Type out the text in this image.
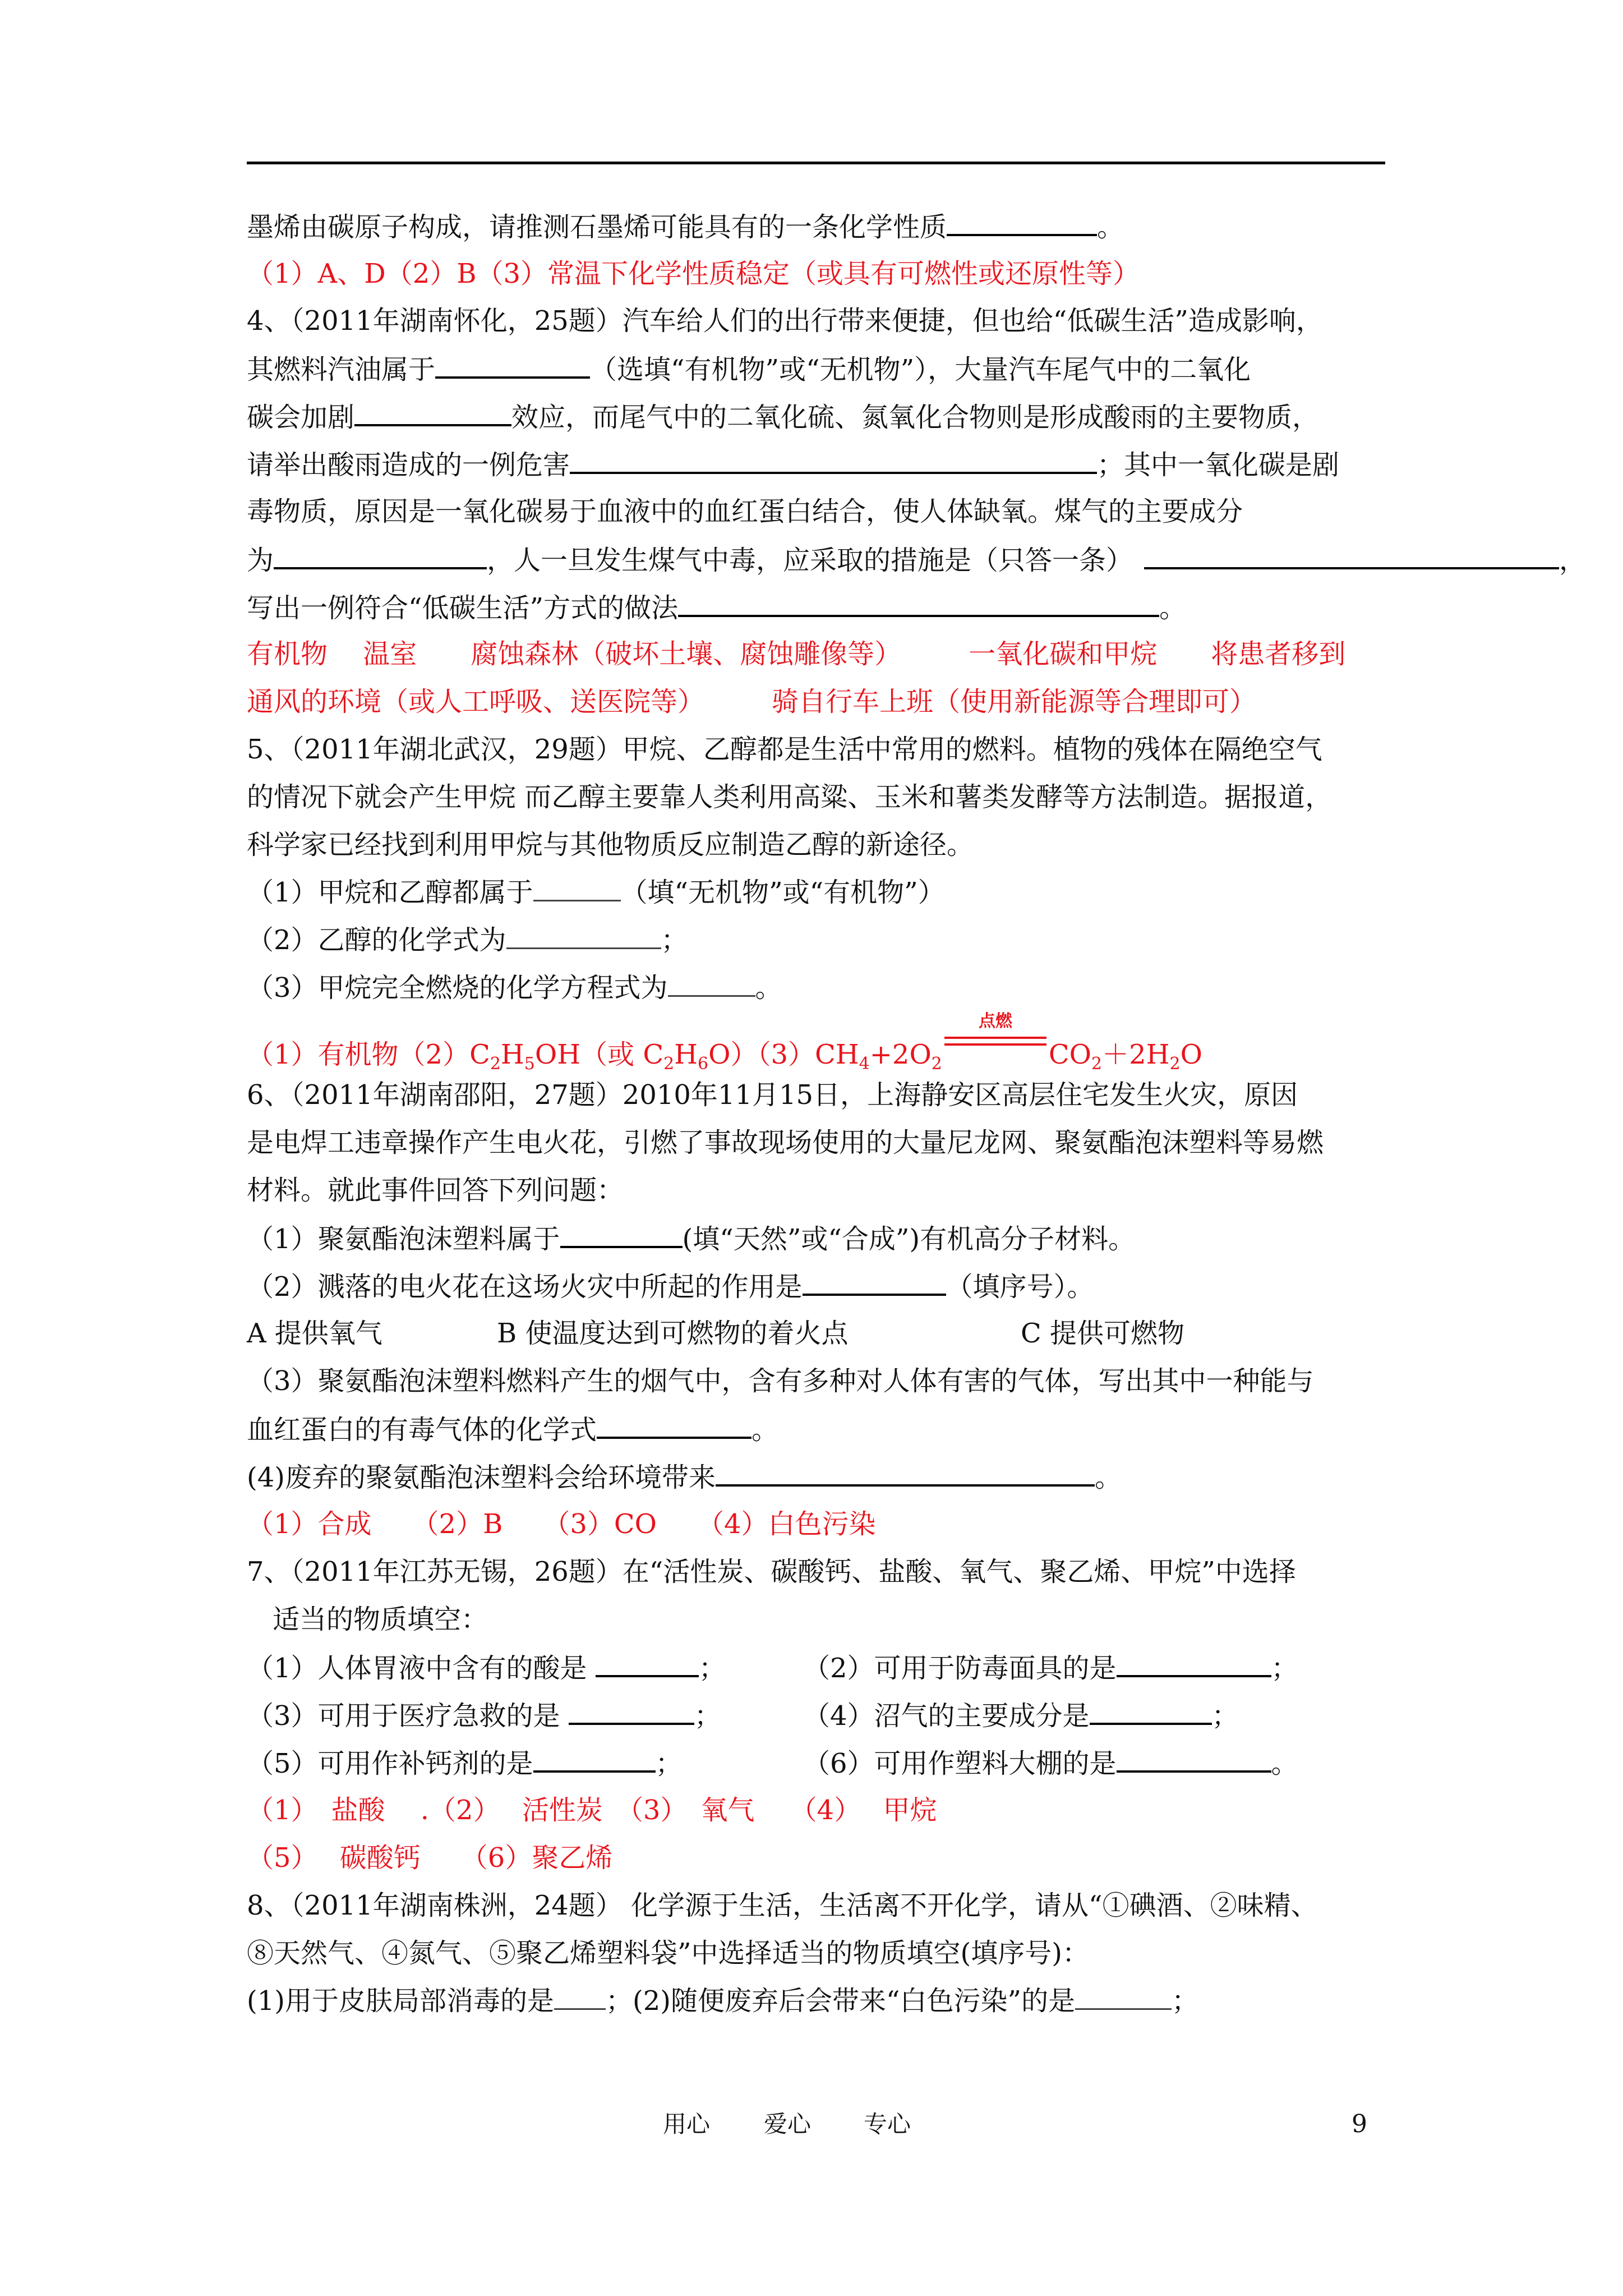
墨烯由碳原子构成，请推测石墨烯可能具有的一条化学性质	。
（1）A、D（2）B（3）常温下化学性质稳定（或具有可燃性或还原性等）
4、（2011年湖南怀化，25题）汽车给人们的出行带来便捷，但也给“低碳生活”造成影响，
其燃料汽油属于	（选填“有机物”或“无机物”），大量汽车尾气中的二氧化
碳会加剧	效应，而尾气中的二氧化硫、氮氧化合物则是形成酸雨的主要物质，
请举出酸雨造成的一例危害	；其中一氧化碳是剧
毒物质，原因是一氧化碳易于血液中的血红蛋白结合，使人体缺氧。煤气的主要成分
为	，人一旦发生煤气中毒，应采取的措施是（只答一条）	，
写出一例符合“低碳生活”方式的做法	。
有机物　 温室　　腐蚀森林（破坏土壤、腐蚀雕像等）　　　一氧化碳和甲烷　　将患者移到
通风的环境（或人工呼吸、送医院等）　　　骑自行车上班（使用新能源等合理即可）
5、（2011年湖北武汉，29题）甲烷、乙醇都是生活中常用的燃料。植物的残体在隔绝空气
的情况下就会产生甲烷 而乙醇主要靠人类利用高粱、玉米和薯类发酵等方法制造。据报道，
科学家已经找到利用甲烷与其他物质反应制造乙醇的新途径。
（1）甲烷和乙醇都属于	（填“无机物”或“有机物”）
（2）乙醇的化学式为	；
（3）甲烷完全燃烧的化学方程式为	。
（1）有机物$(2)C_2H_5OH$（或 $C_2H_6O)(3)CH_4+2O_2$
点燃
$CO_2+2H_2O$
6、（2011年湖南邵阳，27题）2010年11月15日，上海静安区高层住宅发生火灾，原因
是电焊工违章操作产生电火花，引燃了事故现场使用的大量尼龙网、聚氨酯泡沫塑料等易燃
材料。就此事件回答下列问题：
（1）聚氨酯泡沫塑料属于	(填“天然”或“合成”)有机高分子材料。
（2）溅落的电火花在这场火灾中所起的作用是	（填序号）。
A 提供氧气	B 使温度达到可燃物的着火点	C 提供可燃物
（3）聚氨酯泡沫塑料燃料产生的烟气中，含有多种对人体有害的气体，写出其中一种能与
血红蛋白的有毒气体的化学式	。
(4)废弃的聚氨酯泡沫塑料会给环境带来	。
（1）合成　　（2）B　　（3）CO　　（4）白色污染
7、（2011年江苏无锡，26题）在“活性炭、碳酸钙、盐酸、氧气、聚乙烯、甲烷”中选择
适当的物质填空：
（1）人体胃液中含有的酸是	；	（2）可用于防毒面具的是	；
（3）可用于医疗急救的是	；	（4）沼气的主要成分是	；
（5）可用作补钙剂的是	；	（6）可用作塑料大棚的是	。
（1）　盐酸　 .（2）　 活性炭　（3）　氧气　 （4）　 甲烷
（5）　 碳酸钙　　（6）聚乙烯
8、（2011年湖南株洲，24题） 化学源于生活，生活离不开化学，请从“①碘酒、②味精、
⑧天然气、④氮气、⑤聚乙烯塑料袋”中选择适当的物质填空(填序号)：
(1)用于皮肤局部消毒的是 ；(2)随便废弃后会带来“白色污染”的是	；
用心 爱心 专心	9
